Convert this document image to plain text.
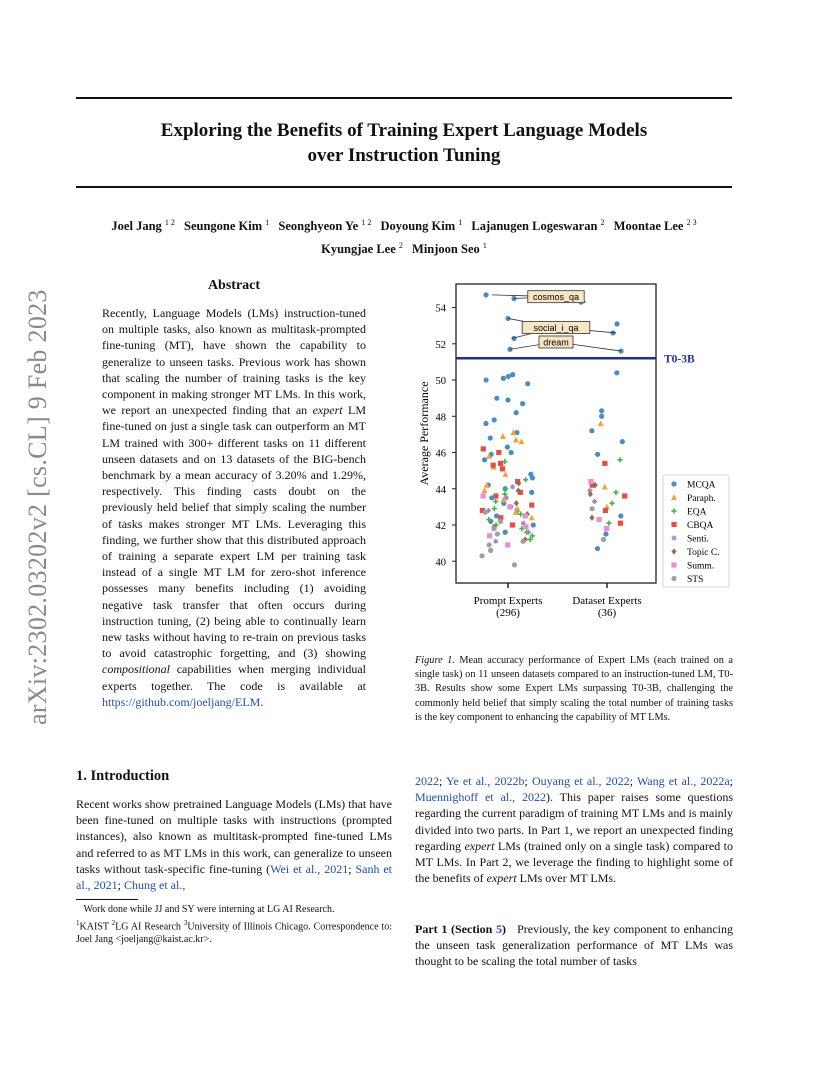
Exploring the Benefits of Training Expert Language Models
over Instruction Tuning
Joel Jang $^{1 2}$ Seungone Kim $^1$ Seonghyeon Ye $^{1 2}$ Doyoung Kim $^1$ Lajanugen Logeswaran $^2$ Moontae Lee $^{2 3}$ Kyungjae Lee $^2$ Minjoon Seo $^1$
arXiv:2302.03202v2 [cs.CL] 9 Feb 2023
Abstract
Recently, Language Models (LMs) instruction-tuned on multiple tasks, also known as multitask-prompted fine-tuning (MT), have shown the capability to generalize to unseen tasks. Previous work has shown that scaling the number of training tasks is the key component in making stronger MT LMs. In this work, we report an unexpected finding that an expert LM fine-tuned on just a single task can outperform an MT LM trained with 300+ different tasks on 11 different unseen datasets and on 13 datasets of the BIG-bench benchmark by a mean accuracy of 3.20% and 1.29%, respectively. This finding casts doubt on the previously held belief that simply scaling the number of tasks makes stronger MT LMs. Leveraging this finding, we further show that this distributed approach of training a separate expert LM per training task instead of a single MT LM for zero-shot inference possesses many benefits including (1) avoiding negative task transfer that often occurs during instruction tuning, (2) being able to continually learn new tasks without having to re-train on previous tasks to avoid catastrophic forgetting, and (3) showing compositional capabilities when merging individual experts together. The code is available at https://github.com/joeljang/ELM.
1. Introduction
Recent works show pretrained Language Models (LMs) that have been fine-tuned on multiple tasks with instructions (prompted instances), also known as multitask-prompted fine-tuned LMs and referred to as MT LMs in this work, can generalize to unseen tasks without task-specific fine-tuning (Wei et al., 2021; Sanh et al., 2021; Chung et al.,
Work done while JJ and SY were interning at LG AI Research.
$^1$KAIST $^2$LG AI Research $^3$University of Illinois Chicago. Correspondence to: Joel Jang <joeljang@kaist.ac.kr>.
40
42
44
46
48
50
52
54
Average Performance
Prompt Experts
(296)
Dataset Experts
(36)
T0-3B
cosmos_qa
social_i_qa
dream
MCQA
Paraph.
EQA
CBQA
Senti.
Topic C.
Summ.
STS
Figure 1. Mean accuracy performance of Expert LMs (each trained on a single task) on 11 unseen datasets compared to an instruction-tuned LM, T0-3B. Results show some Expert LMs surpassing T0-3B, challenging the commonly held belief that simply scaling the total number of training tasks is the key component to enhancing the capability of MT LMs.
2022; Ye et al., 2022b; Ouyang et al., 2022; Wang et al., 2022a; Muennighoff et al., 2022). This paper raises some questions regarding the current paradigm of training MT LMs and is mainly divided into two parts. In Part 1, we report an unexpected finding regarding expert LMs (trained only on a single task) compared to MT LMs. In Part 2, we leverage the finding to highlight some of the benefits of expert LMs over MT LMs.
Part 1 (Section 5) Previously, the key component to enhancing the unseen task generalization performance of MT LMs was thought to be scaling the total number of tasks
